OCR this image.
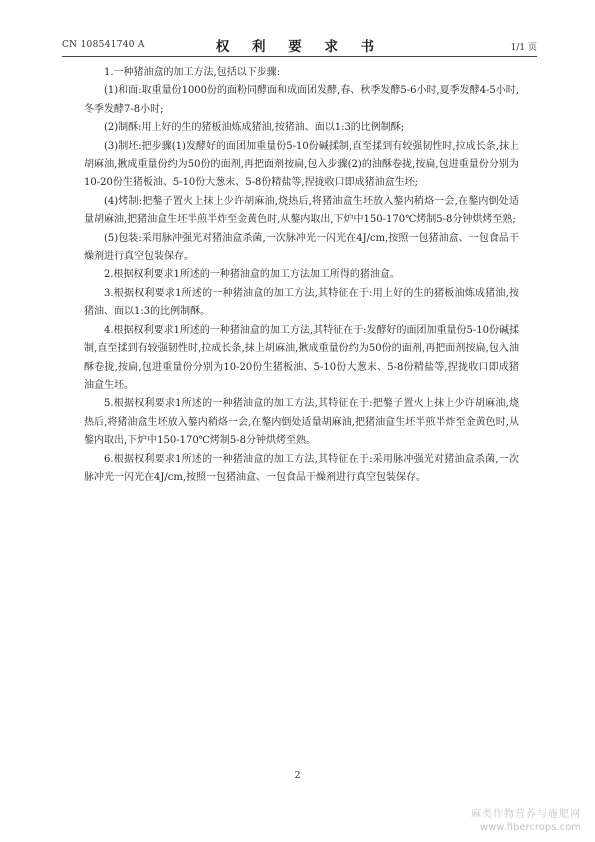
CN 108541740 A	权 利 要 求 书	1/1 页

1.一种猪油盒的加工方法,包括以下步骤:

(1)和面:取重量份1000份的面粉同酵面和成面团发酵,春、秋季发酵5-6小时,夏季发酵4-5小时,冬季发酵7-8小时;

(2)制酥:用上好的生的猪板油炼成猪油,按猪油、面以1:3的比例制酥;

(3)制坯:把步骤(1)发酵好的面团加重量份5-10份碱揉制,直至揉到有较强韧性时,拉成长条,抹上胡麻油,揪成重量份约为50份的面剂,再把面剂按扁,包入步骤(2)的油酥卷拢,按扁,包进重量份分别为10-20份生猪板油、5-10份大葱末、5-8份精盐等,捏拢收口即成猪油盒生坯;

(4)烤制:把鏊子置火上抹上少许胡麻油,烧热后,将猪油盒生坯放入鏊内稍烙一会,在鏊内倒处适量胡麻油,把猪油盒生坯半煎半炸至金黄色时,从鏊内取出,下炉中150-170℃烤制5-8分钟烘烤至熟;

(5)包装:采用脉冲强光对猪油盒杀菌,一次脉冲光一闪光在4J/cm,按照一包猪油盒、一包食品干燥剂进行真空包装保存。

2.根据权利要求1所述的一种猪油盒的加工方法加工所得的猪油盒。

3.根据权利要求1所述的一种猪油盒的加工方法,其特征在于:用上好的生的猪板油炼成猪油,按猪油、面以1:3的比例制酥。

4.根据权利要求1所述的一种猪油盒的加工方法,其特征在于:发酵好的面团加重量份5-10份碱揉制,直至揉到有较强韧性时,拉成长条,抹上胡麻油,揪成重量份约为50份的面剂,再把面剂按扁,包入油酥卷拢,按扁,包进重量份分别为10-20份生猪板油、5-10份大葱末、5-8份精盐等,捏拢收口即成猪油盒生坯。

5.根据权利要求1所述的一种猪油盒的加工方法,其特征在于:把鏊子置火上抹上少许胡麻油,烧热后,将猪油盒生坯放入鏊内稍烙一会,在鏊内倒处适量胡麻油,把猪油盒生坯半煎半炸至金黄色时,从鏊内取出,下炉中150-170℃烤制5-8分钟烘烤至熟。

6.根据权利要求1所述的一种猪油盒的加工方法,其特征在于:采用脉冲强光对猪油盒杀菌,一次脉冲光一闪光在4J/cm,按照一包猪油盒、一包食品干燥剂进行真空包装保存。

2
麻类作物营养与施肥网
www.fibercrops.com
